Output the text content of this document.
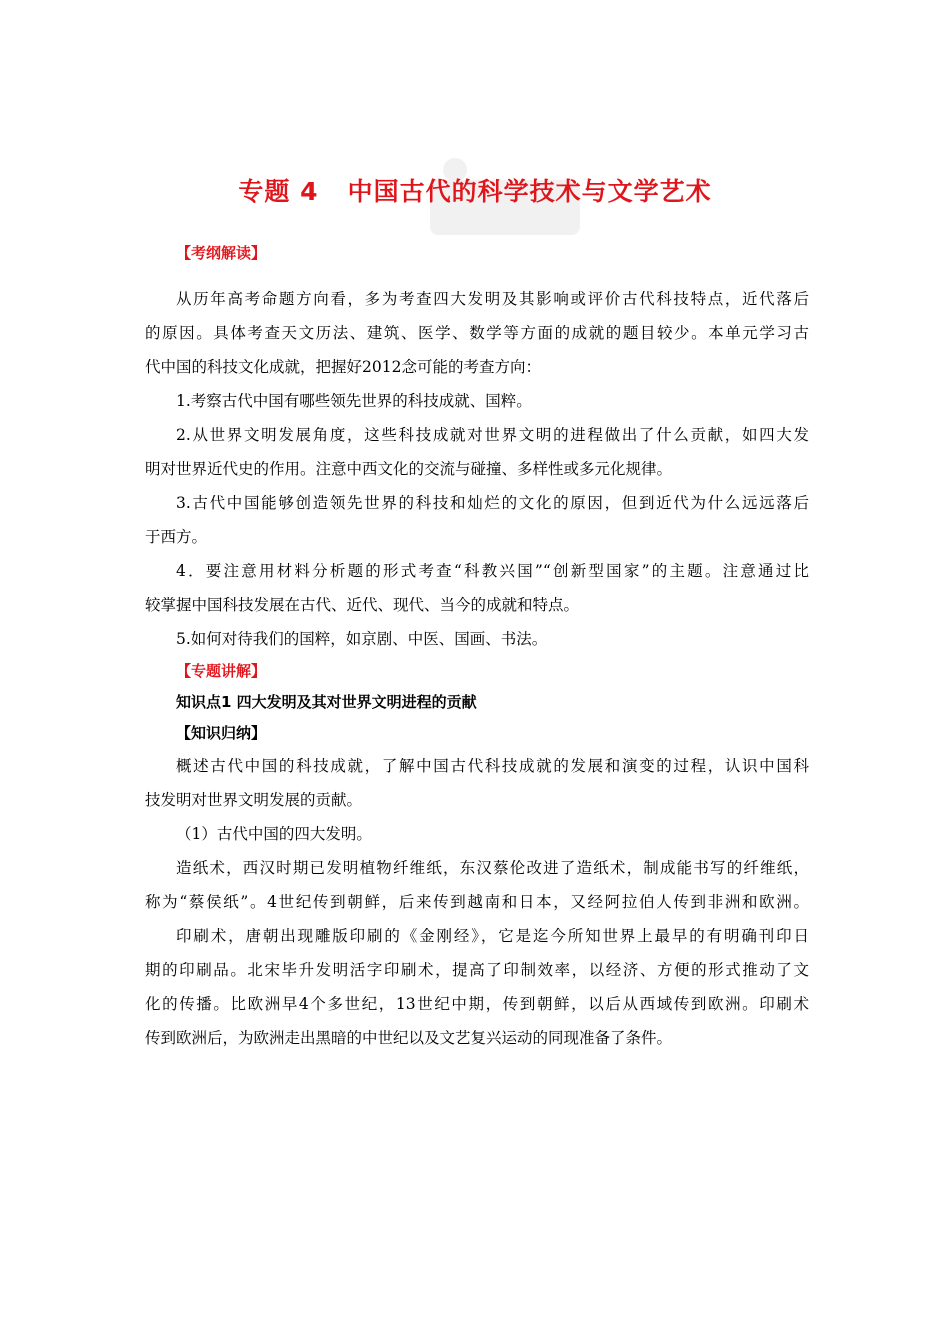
专题 4   中国古代的科学技术与文学艺术
【考纲解读】
从历年高考命题方向看，多为考查四大发明及其影响或评价古代科技特点，近代落后
的原因。具体考查天文历法、建筑、医学、数学等方面的成就的题目较少。本单元学习古
代中国的科技文化成就，把握好2012念可能的考查方向：
1.考察古代中国有哪些领先世界的科技成就、国粹。
2.从世界文明发展角度，这些科技成就对世界文明的进程做出了什么贡献，如四大发
明对世界近代史的作用。注意中西文化的交流与碰撞、多样性或多元化规律。
3.古代中国能够创造领先世界的科技和灿烂的文化的原因，但到近代为什么远远落后
于西方。
4．要注意用材料分析题的形式考查“科教兴国”“创新型国家”的主题。注意通过比
较掌握中国科技发展在古代、近代、现代、当今的成就和特点。
5.如何对待我们的国粹，如京剧、中医、国画、书法。
【专题讲解】
知识点1 四大发明及其对世界文明进程的贡献
【知识归纳】
概述古代中国的科技成就，了解中国古代科技成就的发展和演变的过程，认识中国科
技发明对世界文明发展的贡献。
（1）古代中国的四大发明。
造纸术，西汉时期已发明植物纤维纸，东汉蔡伦改进了造纸术，制成能书写的纤维纸，
称为“蔡侯纸”。4世纪传到朝鲜，后来传到越南和日本，又经阿拉伯人传到非洲和欧洲。
印刷术，唐朝出现雕版印刷的《金刚经》，它是迄今所知世界上最早的有明确刊印日
期的印刷品。北宋毕升发明活字印刷术，提高了印制效率，以经济、方便的形式推动了文
化的传播。比欧洲早4个多世纪，13世纪中期，传到朝鲜，以后从西域传到欧洲。印刷术
传到欧洲后，为欧洲走出黑暗的中世纪以及文艺复兴运动的同现准备了条件。
